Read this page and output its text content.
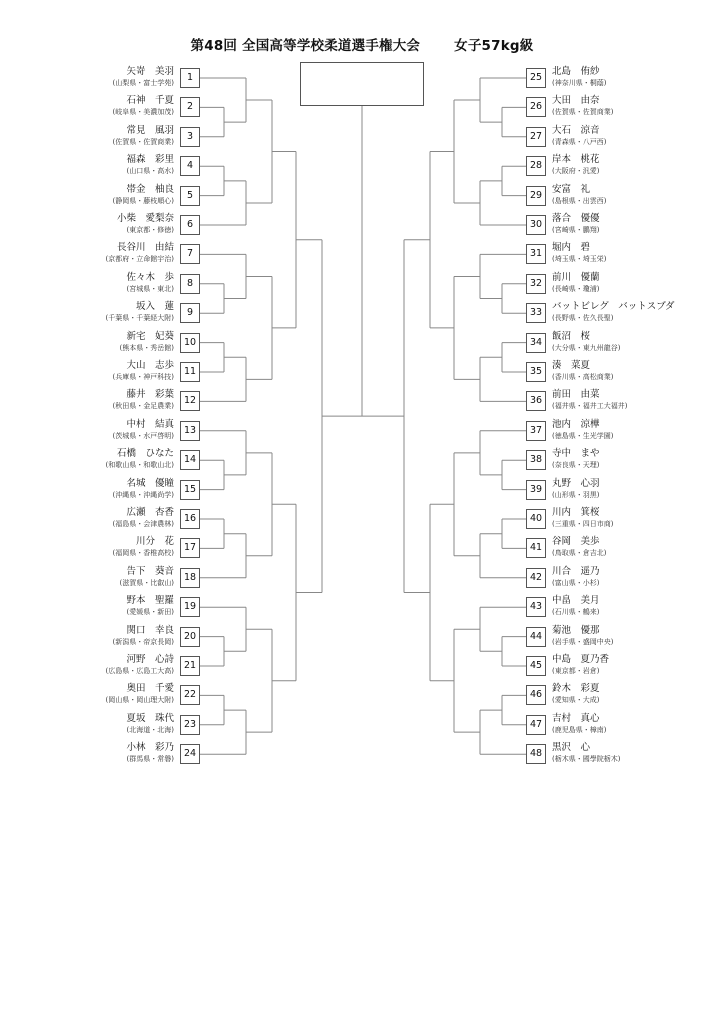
第48回 全国高等学校柔道選手権大会	女子57kg級
1
矢嵜　美羽
(山梨県・富士学苑)
2
石神　千夏
(岐阜県・美濃加茂)
3
常見　風羽
(佐賀県・佐賀商業)
4
福森　彩里
(山口県・高水)
5
帯金　柚良
(静岡県・藤枝順心)
6
小柴　愛梨奈
(東京都・修徳)
7
長谷川　由結
(京都府・立命館宇治)
8
佐々木　歩
(宮城県・東北)
9
坂入　蓮
(千葉県・千葉経大附)
10
新宅　妃葵
(熊本県・秀岳館)
11
大山　志歩
(兵庫県・神戸科技)
12
藤井　彩葉
(秋田県・金足農業)
13
中村　結真
(茨城県・水戸啓明)
14
石橋　ひなた
(和歌山県・和歌山北)
15
名城　優瞳
(沖縄県・沖縄尚学)
16
広瀬　杏香
(福島県・会津農林)
17
川分　花
(福岡県・香椎高校)
18
告下　葵音
(滋賀県・比叡山)
19
野本　聖羅
(愛媛県・新田)
20
関口　幸良
(新潟県・帝京長岡)
21
河野　心詩
(広島県・広島工大高)
22
奥田　千愛
(岡山県・岡山理大附)
23
夏坂　珠代
(北海道・北海)
24
小林　彩乃
(群馬県・常磐)
25
北島　侑紗
(神奈川県・桐蔭)
26
大田　由奈
(佐賀県・佐賀商業)
27
大石　涼音
(青森県・八戸西)
28
岸本　桃花
(大阪府・汎愛)
29
安富　礼
(島根県・出雲西)
30
落合　優優
(宮崎県・鵬翔)
31
堀内　碧
(埼玉県・埼玉栄)
32
前川　優蘭
(長崎県・瓊浦)
33
バットビレグ　バットスブダ
(長野県・佐久長聖)
34
飯沼　桜
(大分県・東九州龍谷)
35
湊　菜夏
(香川県・高松商業)
36
前田　由菜
(福井県・福井工大福井)
37
池内　涼樺
(徳島県・生光学園)
38
寺中　まや
(奈良県・天理)
39
丸野　心羽
(山形県・羽黒)
40
川内　箕桜
(三重県・四日市商)
41
谷岡　美歩
(鳥取県・倉吉北)
42
川合　遥乃
(富山県・小杉)
43
中畠　美月
(石川県・鶴来)
44
菊池　優那
(岩手県・盛岡中央)
45
中島　夏乃香
(東京都・岩倉)
46
鈴木　彩夏
(愛知県・大成)
47
吉村　真心
(鹿児島県・樟南)
48
黒沢　心
(栃木県・國學院栃木)
